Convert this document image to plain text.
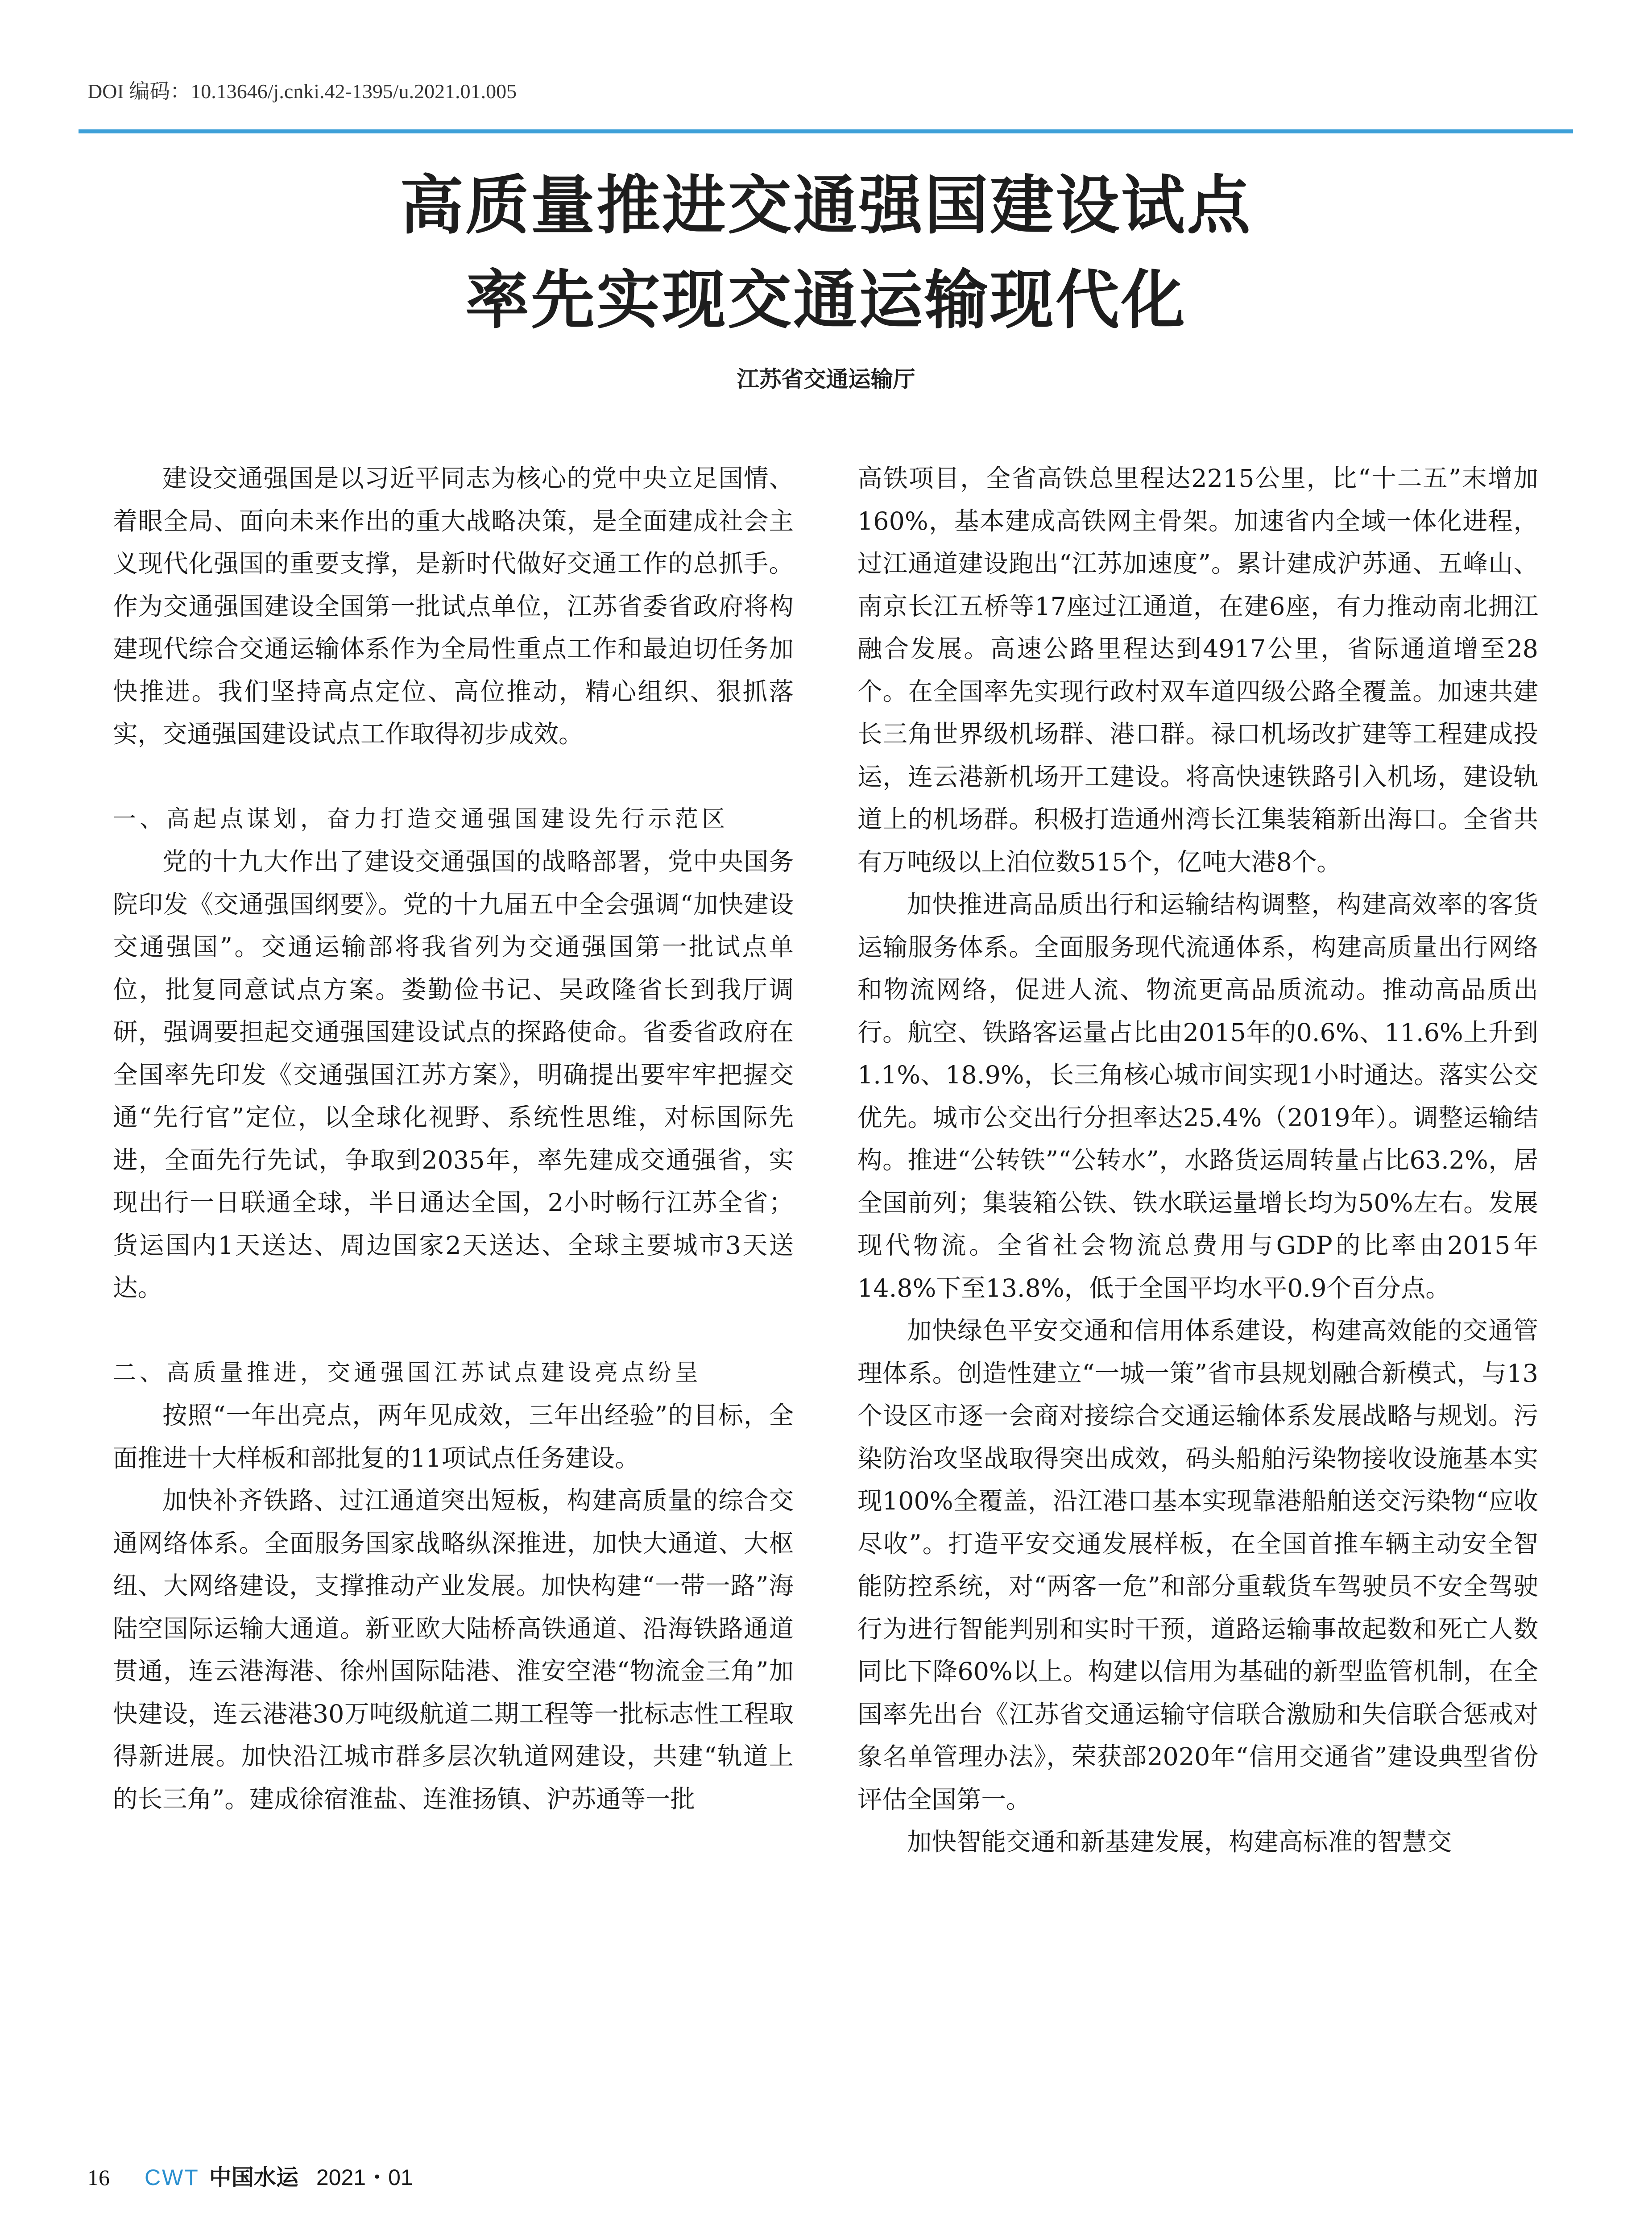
DOI 编码：10.13646/j.cnki.42-1395/u.2021.01.005
高质量推进交通强国建设试点
率先实现交通运输现代化
江苏省交通运输厅

建设交通强国是以习近平同志为核心的党中央立足国情、着眼全局、面向未来作出的重大战略决策，是全面建成社会主义现代化强国的重要支撑，是新时代做好交通工作的总抓手。作为交通强国建设全国第一批试点单位，江苏省委省政府将构建现代综合交通运输体系作为全局性重点工作和最迫切任务加快推进。我们坚持高点定位、高位推动，精心组织、狠抓落实，交通强国建设试点工作取得初步成效。

一、高起点谋划，奋力打造交通强国建设先行示范区

党的十九大作出了建设交通强国的战略部署，党中央国务院印发《交通强国纲要》。党的十九届五中全会强调“加快建设交通强国”。交通运输部将我省列为交通强国第一批试点单位，批复同意试点方案。娄勤俭书记、吴政隆省长到我厅调研，强调要担起交通强国建设试点的探路使命。省委省政府在全国率先印发《交通强国江苏方案》，明确提出要牢牢把握交通“先行官”定位，以全球化视野、系统性思维，对标国际先进，全面先行先试，争取到2035年，率先建成交通强省，实现出行一日联通全球，半日通达全国，2小时畅行江苏全省；货运国内1天送达、周边国家2天送达、全球主要城市3天送达。

二、高质量推进，交通强国江苏试点建设亮点纷呈

按照“一年出亮点，两年见成效，三年出经验”的目标，全面推进十大样板和部批复的11项试点任务建设。

加快补齐铁路、过江通道突出短板，构建高质量的综合交通网络体系。全面服务国家战略纵深推进，加快大通道、大枢纽、大网络建设，支撑推动产业发展。加快构建“一带一路”海陆空国际运输大通道。新亚欧大陆桥高铁通道、沿海铁路通道贯通，连云港海港、徐州国际陆港、淮安空港“物流金三角”加快建设，连云港港30万吨级航道二期工程等一批标志性工程取得新进展。加快沿江城市群多层次轨道网建设，共建“轨道上的长三角”。建成徐宿淮盐、连淮扬镇、沪苏通等一批

高铁项目，全省高铁总里程达2215公里，比“十二五”末增加160%，基本建成高铁网主骨架。加速省内全域一体化进程，过江通道建设跑出“江苏加速度”。累计建成沪苏通、五峰山、南京长江五桥等17座过江通道，在建6座，有力推动南北拥江融合发展。高速公路里程达到4917公里，省际通道增至28个。在全国率先实现行政村双车道四级公路全覆盖。加速共建长三角世界级机场群、港口群。禄口机场改扩建等工程建成投运，连云港新机场开工建设。将高快速铁路引入机场，建设轨道上的机场群。积极打造通州湾长江集装箱新出海口。全省共有万吨级以上泊位数515个，亿吨大港8个。

加快推进高品质出行和运输结构调整，构建高效率的客货运输服务体系。全面服务现代流通体系，构建高质量出行网络和物流网络，促进人流、物流更高品质流动。推动高品质出行。航空、铁路客运量占比由2015年的0.6%、11.6%上升到1.1%、18.9%，长三角核心城市间实现1小时通达。落实公交优先。城市公交出行分担率达25.4%（2019年）。调整运输结构。推进“公转铁”“公转水”，水路货运周转量占比63.2%，居全国前列；集装箱公铁、铁水联运量增长均为50%左右。发展现代物流。全省社会物流总费用与GDP的比率由2015年14.8%下至13.8%，低于全国平均水平0.9个百分点。

加快绿色平安交通和信用体系建设，构建高效能的交通管理体系。创造性建立“一城一策”省市县规划融合新模式，与13个设区市逐一会商对接综合交通运输体系发展战略与规划。污染防治攻坚战取得突出成效，码头船舶污染物接收设施基本实现100%全覆盖，沿江港口基本实现靠港船舶送交污染物“应收尽收”。打造平安交通发展样板，在全国首推车辆主动安全智能防控系统，对“两客一危”和部分重载货车驾驶员不安全驾驶行为进行智能判别和实时干预，道路运输事故起数和死亡人数同比下降60%以上。构建以信用为基础的新型监管机制，在全国率先出台《江苏省交通运输守信联合激励和失信联合惩戒对象名单管理办法》，荣获部2020年“信用交通省”建设典型省份评估全国第一。

加快智能交通和新基建发展，构建高标准的智慧交

16 CWT 中国水运 2021・01
